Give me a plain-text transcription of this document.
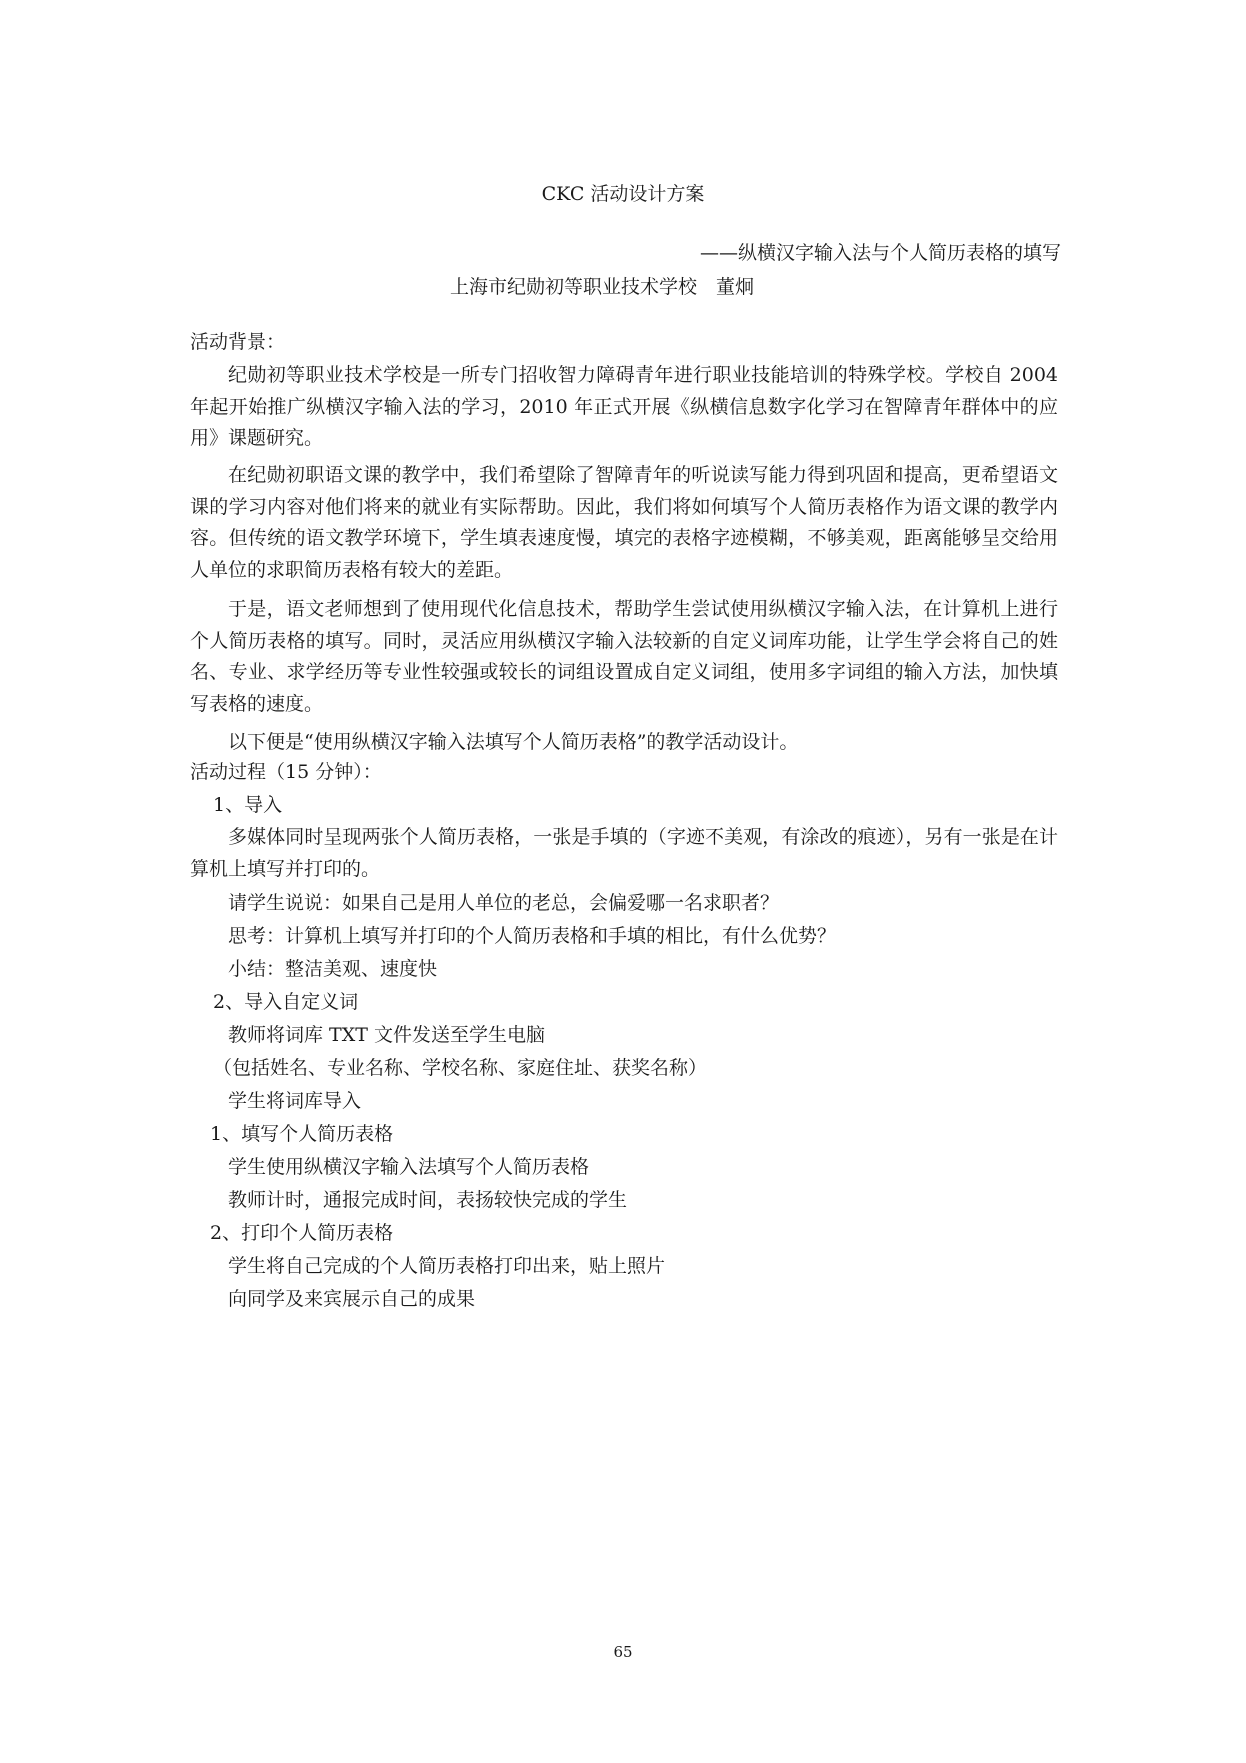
CKC 活动设计方案
——纵横汉字输入法与个人简历表格的填写
上海市纪勋初等职业技术学校　董炯
活动背景：
纪勋初等职业技术学校是一所专门招收智力障碍青年进行职业技能培训的特殊学校。学校自 2004 年起开始推广纵横汉字输入法的学习，2010 年正式开展《纵横信息数字化学习在智障青年群体中的应用》课题研究。
在纪勋初职语文课的教学中，我们希望除了智障青年的听说读写能力得到巩固和提高，更希望语文课的学习内容对他们将来的就业有实际帮助。因此，我们将如何填写个人简历表格作为语文课的教学内容。但传统的语文教学环境下，学生填表速度慢，填完的表格字迹模糊，不够美观，距离能够呈交给用人单位的求职简历表格有较大的差距。
于是，语文老师想到了使用现代化信息技术，帮助学生尝试使用纵横汉字输入法，在计算机上进行个人简历表格的填写。同时，灵活应用纵横汉字输入法较新的自定义词库功能，让学生学会将自己的姓名、专业、求学经历等专业性较强或较长的词组设置成自定义词组，使用多字词组的输入方法，加快填写表格的速度。
以下便是“使用纵横汉字输入法填写个人简历表格”的教学活动设计。
活动过程（15 分钟）：
1、导入
多媒体同时呈现两张个人简历表格，一张是手填的（字迹不美观，有涂改的痕迹），另有一张是在计算机上填写并打印的。
请学生说说：如果自己是用人单位的老总，会偏爱哪一名求职者？
思考：计算机上填写并打印的个人简历表格和手填的相比，有什么优势？
小结：整洁美观、速度快
2、导入自定义词
教师将词库 TXT 文件发送至学生电脑
（包括姓名、专业名称、学校名称、家庭住址、获奖名称）
学生将词库导入
1、填写个人简历表格
学生使用纵横汉字输入法填写个人简历表格
教师计时，通报完成时间，表扬较快完成的学生
2、打印个人简历表格
学生将自己完成的个人简历表格打印出来，贴上照片
向同学及来宾展示自己的成果
65
